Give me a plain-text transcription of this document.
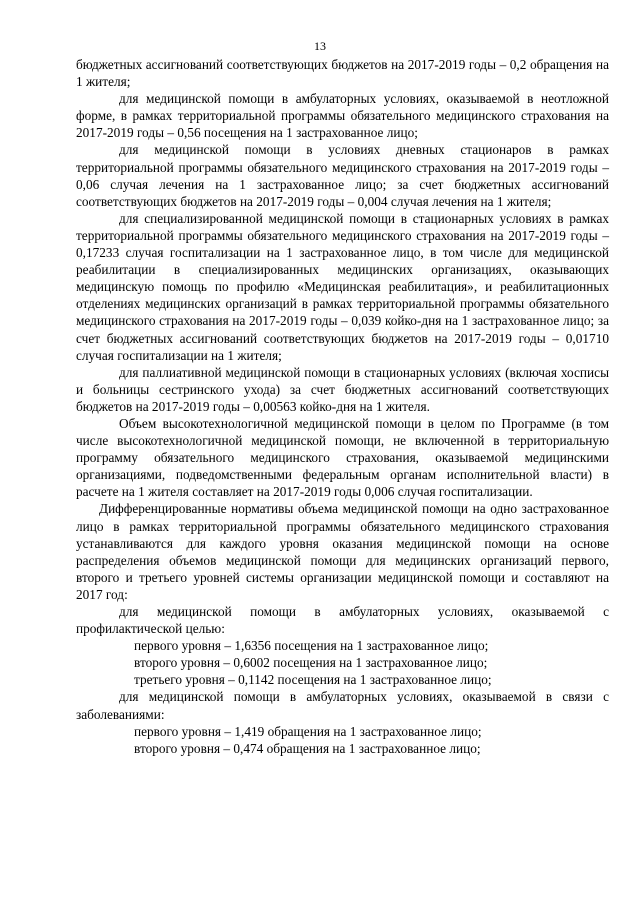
13

бюджетных ассигнований соответствующих бюджетов на 2017-2019 годы – 0,2 обращения на 1 жителя;

для медицинской помощи в амбулаторных условиях, оказываемой в неотложной форме, в рамках территориальной программы обязательного медицинского страхования на 2017-2019 годы – 0,56 посещения на 1 застрахованное лицо;

для медицинской помощи в условиях дневных стационаров в рамках территориальной программы обязательного медицинского страхования на 2017-2019 годы – 0,06 случая лечения на 1 застрахованное лицо; за счет бюджетных ассигнований соответствующих бюджетов на 2017-2019 годы – 0,004 случая лечения на 1 жителя;

для специализированной медицинской помощи в стационарных условиях в рамках территориальной программы обязательного медицинского страхования на 2017-2019 годы – 0,17233 случая госпитализации на 1 застрахованное лицо, в том числе для медицинской реабилитации в специализированных медицинских организациях, оказывающих медицинскую помощь по профилю «Медицинская реабилитация», и реабилитационных отделениях медицинских организаций в рамках территориальной программы обязательного медицинского страхования на 2017-2019 годы – 0,039 койко-дня на 1 застрахованное лицо; за счет бюджетных ассигнований соответствующих бюджетов на 2017-2019 годы – 0,01710 случая госпитализации на 1 жителя;

для паллиативной медицинской помощи в стационарных условиях (включая хосписы и больницы сестринского ухода) за счет бюджетных ассигнований соответствующих бюджетов на 2017-2019 годы – 0,00563 койко-дня на 1 жителя.

Объем высокотехнологичной медицинской помощи в целом по Программе (в том числе высокотехнологичной медицинской помощи, не включенной в территориальную программу обязательного медицинского страхования, оказываемой медицинскими организациями, подведомственными федеральным органам исполнительной власти) в расчете на 1 жителя составляет на 2017-2019 годы 0,006 случая госпитализации.

Дифференцированные нормативы объема медицинской помощи на одно застрахованное лицо в рамках территориальной программы обязательного медицинского страхования устанавливаются для каждого уровня оказания медицинской помощи на основе распределения объемов медицинской помощи для медицинских организаций первого, второго и третьего уровней системы организации медицинской помощи и составляют на 2017 год:

для медицинской помощи в амбулаторных условиях, оказываемой с профилактической целью:

первого уровня – 1,6356 посещения на 1 застрахованное лицо;

второго уровня – 0,6002 посещения на 1 застрахованное лицо;

третьего уровня – 0,1142 посещения на 1 застрахованное лицо;

для медицинской помощи в амбулаторных условиях, оказываемой в связи с заболеваниями:

первого уровня – 1,419 обращения на 1 застрахованное лицо;

второго уровня – 0,474 обращения на 1 застрахованное лицо;
